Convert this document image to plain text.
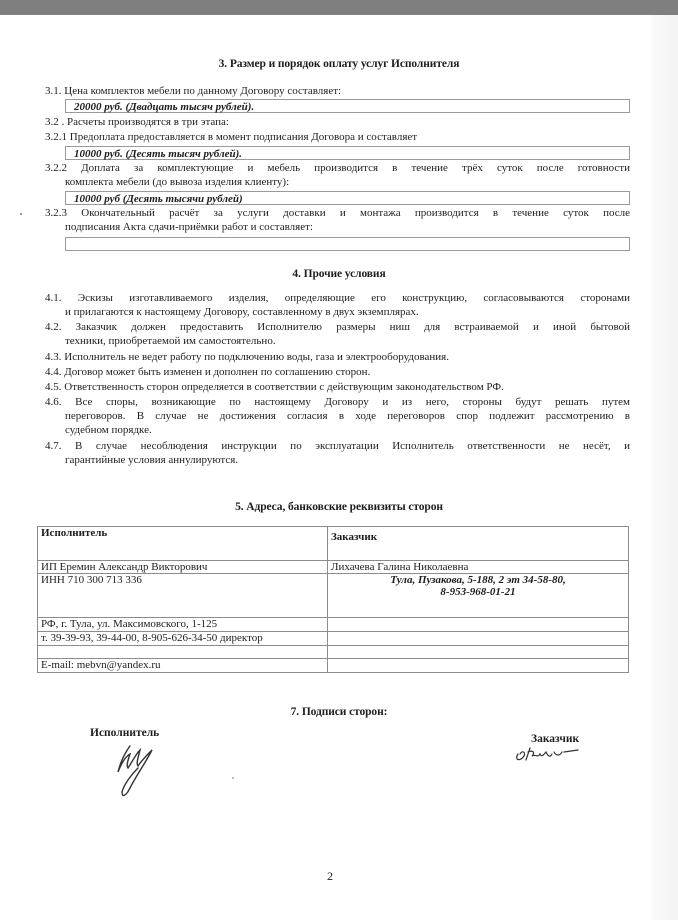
3. Размер и порядок оплату услуг Исполнителя
3.1. Цена комплектов мебели по данному Договору составляет:
20000 руб. (Двадцать тысяч рублей).
3.2 . Расчеты производятся в три этапа:
3.2.1 Предоплата предоставляется в момент подписания Договора и составляет
10000 руб. (Десять тысяч рублей).
3.2.2 Доплата за комплектующие и мебель производится в течение трёх суток после готовности
комплекта мебели (до вывоза изделия клиенту):
10000 руб (Десять тысячи рублей)
3.2.3 Окончательный расчёт за услуги доставки и монтажа производится в течение суток после
подписания Акта сдачи-приёмки работ и составляет:
4. Прочие условия
4.1. Эскизы изготавливаемого изделия, определяющие его конструкцию, согласовываются сторонами
и прилагаются к настоящему Договору, составленному в двух экземплярах.
4.2. Заказчик должен предоставить Исполнителю размеры ниш для встраиваемой и иной бытовой
техники, приобретаемой им самостоятельно.
4.3. Исполнитель не ведет работу по подключению воды, газа и электрооборудования.
4.4. Договор может быть изменен и дополнен по соглашению сторон.
4.5. Ответственность сторон определяется в соответствии с действующим законодательством РФ.
4.6. Все споры, возникающие по настоящему Договору и из него, стороны будут решать путем
переговоров. В случае не достижения согласия в ходе переговоров спор подлежит рассмотрению в
судебном порядке.
4.7. В случае несоблюдения инструкции по эксплуатации Исполнитель ответственности не несёт, и
гарантийные условия аннулируются.
5. Адреса, банковские реквизиты сторон
Исполнитель	Заказчик
ИП Еремин Александр Викторович	Лихачева Галина Николаевна
ИНН 710 300 713 336	Тула, Пузакова, 5-188, 2 эт 34-58-80,
8-953-968-01-21

РФ, г. Тула, ул. Максимовского, 1-125	
т. 39-39-93, 39-44-00, 8-905-626-34-50 директор	

E-mail: mebvn@yandex.ru	
7. Подписи сторон:
Исполнитель	Заказчик
2
